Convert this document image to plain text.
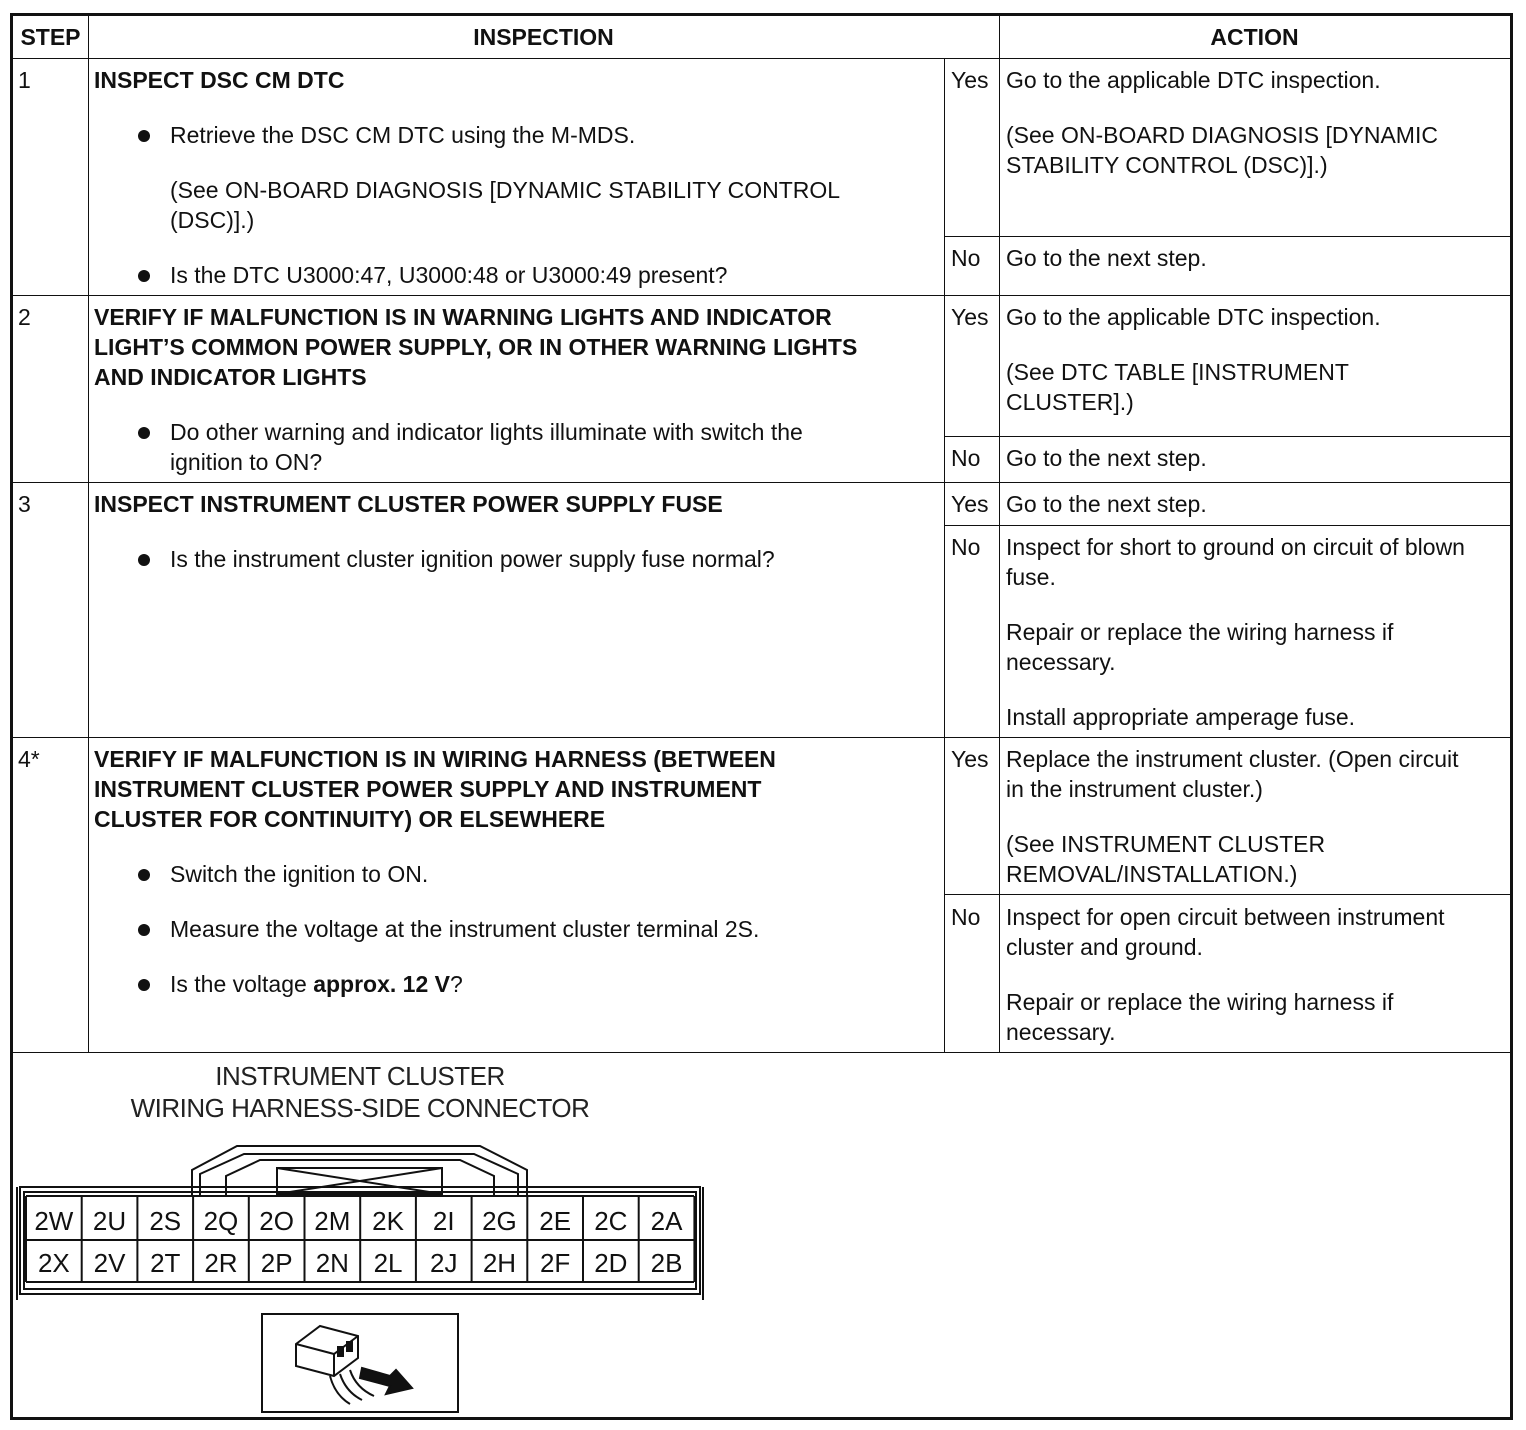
STEP	INSPECTION	ACTION
1	INSPECT DSC CM DTC
Retrieve the DSC CM DTC using the M-MDS.
(See ON-BOARD DIAGNOSIS [DYNAMIC STABILITY CONTROL
(DSC)].)
Is the DTC U3000:47, U3000:48 or U3000:49 present?
Yes Go to the applicable DTC inspection.
(See ON-BOARD DIAGNOSIS [DYNAMIC
STABILITY CONTROL (DSC)].)
No Go to the next step.
2	VERIFY IF MALFUNCTION IS IN WARNING LIGHTS AND INDICATOR
LIGHT’S COMMON POWER SUPPLY, OR IN OTHER WARNING LIGHTS
AND INDICATOR LIGHTS
Do other warning and indicator lights illuminate with switch the
ignition to ON?
Yes Go to the applicable DTC inspection.
(See DTC TABLE [INSTRUMENT
CLUSTER].)
No Go to the next step.
3	INSPECT INSTRUMENT CLUSTER POWER SUPPLY FUSE
Is the instrument cluster ignition power supply fuse normal?
Yes Go to the next step.
No Inspect for short to ground on circuit of blown
fuse.
Repair or replace the wiring harness if
necessary.
Install appropriate amperage fuse.
4* VERIFY IF MALFUNCTION IS IN WIRING HARNESS (BETWEEN
INSTRUMENT CLUSTER POWER SUPPLY AND INSTRUMENT
CLUSTER FOR CONTINUITY) OR ELSEWHERE
Switch the ignition to ON.
Measure the voltage at the instrument cluster terminal 2S.
Is the voltage approx. 12 V?
Yes Replace the instrument cluster. (Open circuit
in the instrument cluster.)
(See INSTRUMENT CLUSTER
REMOVAL/INSTALLATION.)
No Inspect for open circuit between instrument
cluster and ground.
Repair or replace the wiring harness if
necessary.
INSTRUMENT CLUSTER
WIRING HARNESS-SIDE CONNECTOR
2W 2U 2S 2Q 2O 2M 2K 2I 2G 2E 2C 2A
2X 2V 2T 2R 2P 2N 2L 2J 2H 2F 2D 2B
